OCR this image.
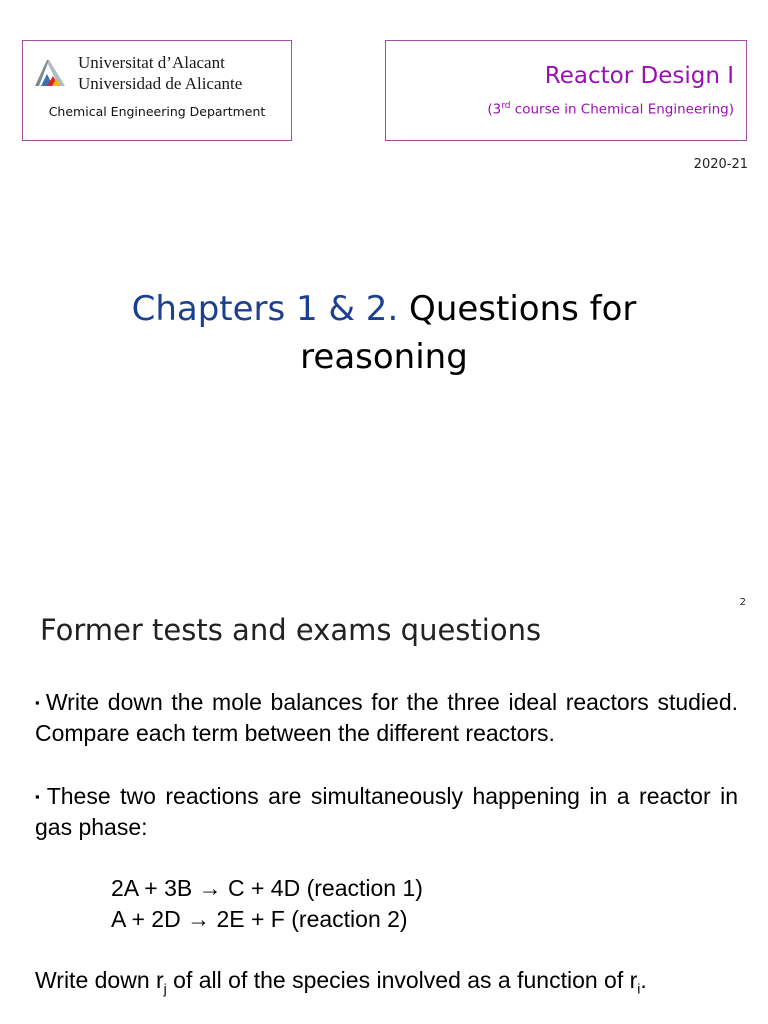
Universitat d’Alacant
Universidad de Alicante
Chemical Engineering Department
Reactor Design I
(3rd course in Chemical Engineering)
2020-21
Chapters 1 & 2. Questions for
reasoning
2
Former tests and exams questions
▪ Write down the mole balances for the three ideal reactors studied. Compare each term between the different reactors.
▪ These two reactions are simultaneously happening in a reactor in gas phase:
2A + 3B → C + 4D (reaction 1)
A + 2D → 2E + F (reaction 2)
Write down $r_j$ of all of the species involved as a function of $r_i$.
